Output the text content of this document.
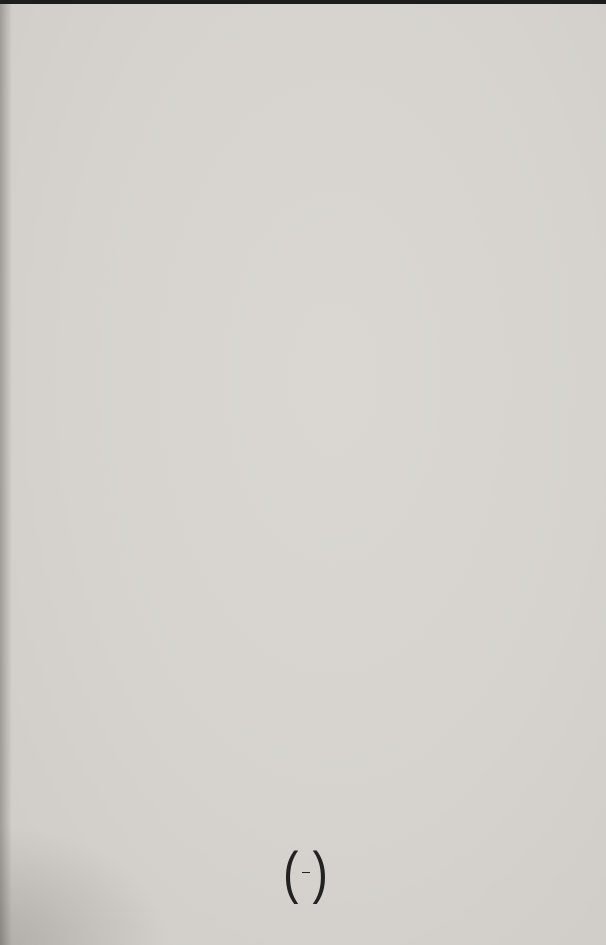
( )
